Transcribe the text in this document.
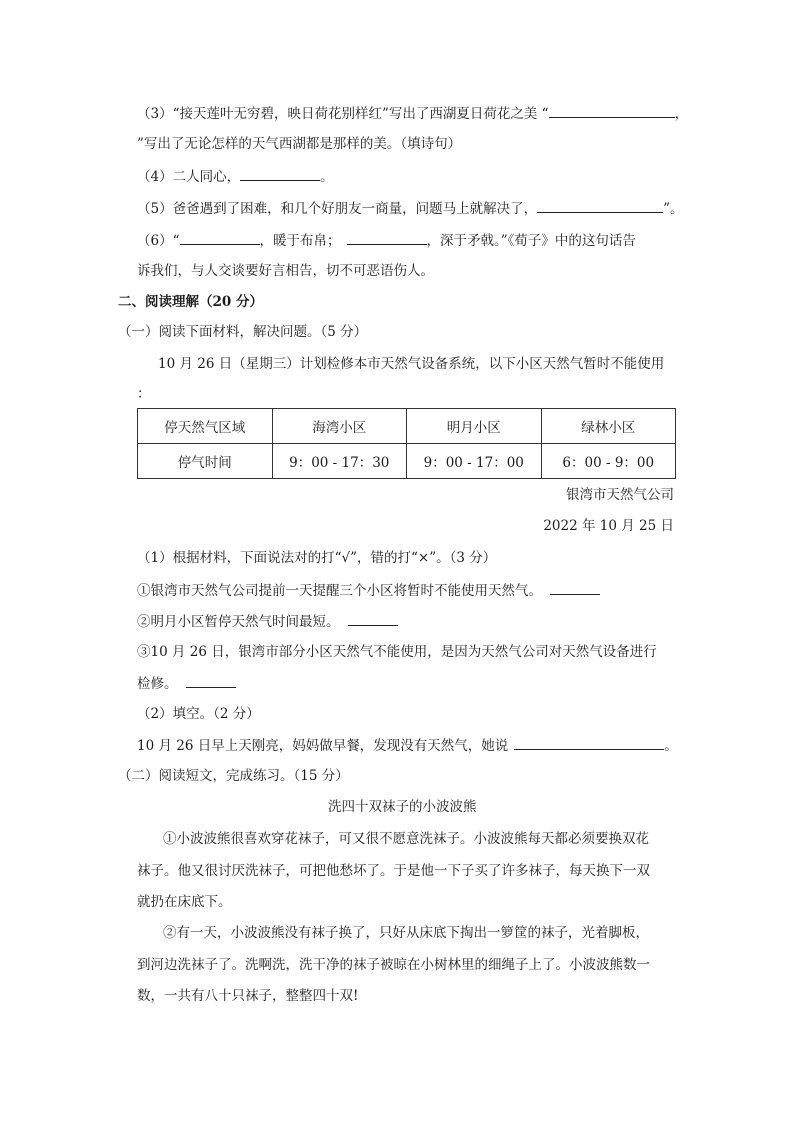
（3）“接天莲叶无穷碧，映日荷花别样红”写出了西湖夏日荷花之美 “	，
”写出了无论怎样的天气西湖都是那样的美。（填诗句）
（4）二人同心，	。
（5）爸爸遇到了困难，和几个好朋友一商量，问题马上就解决了，	”。
（6）“	，暖于布帛；	，深于矛戟。”《荀子》中的这句话告
诉我们，与人交谈要好言相告，切不可恶语伤人。
二、阅读理解（20 分）
（一）阅读下面材料，解决问题。（5 分）
10 月 26 日（星期三）计划检修本市天然气设备系统，以下小区天然气暂时不能使用
：
停天然气区域	海湾小区	明月小区	绿林小区
停气时间	9：00 - 17：30	9：00 - 17：00	6：00 - 9：00
银湾市天然气公司
2022 年 10 月 25 日
（1）根据材料，下面说法对的打“√”，错的打“×”。（3 分）
①银湾市天然气公司提前一天提醒三个小区将暂时不能使用天然气。
②明月小区暂停天然气时间最短。
③10 月 26 日，银湾市部分小区天然气不能使用，是因为天然气公司对天然气设备进行
检修。
（2）填空。（2 分）
10 月 26 日早上天刚亮，妈妈做早餐，发现没有天然气，她说	。
（二）阅读短文，完成练习。（15 分）
洗四十双袜子的小波波熊
①小波波熊很喜欢穿花袜子，可又很不愿意洗袜子。小波波熊每天都必须要换双花
袜子。他又很讨厌洗袜子，可把他愁坏了。于是他一下子买了许多袜子，每天换下一双
就扔在床底下。
②有一天，小波波熊没有袜子换了，只好从床底下掏出一箩筐的袜子，光着脚板，
到河边洗袜子了。洗啊洗，洗干净的袜子被晾在小树林里的细绳子上了。小波波熊数一
数，一共有八十只袜子，整整四十双!
